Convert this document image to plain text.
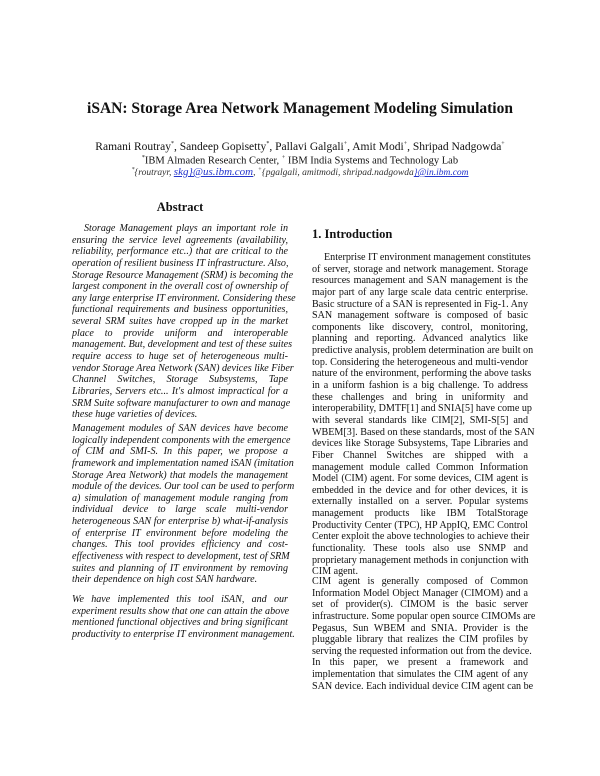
iSAN: Storage Area Network Management Modeling Simulation
Ramani Routray*, Sandeep Gopisetty*, Pallavi Galgali+, Amit Modi+, Shripad Nadgowda+
*IBM Almaden Research Center, + IBM India Systems and Technology Lab
*{routrayr, skg}@us.ibm.com, +{pgalgali, amitmodi, shripad.nadgowda}@in.ibm.com
Abstract
Storage Management plays an important role in
ensuring the service level agreements (availability,
reliability, performance etc..) that are critical to the
operation of resilient business IT infrastructure. Also,
Storage Resource Management (SRM) is becoming the
largest component in the overall cost of ownership of
any large enterprise IT environment. Considering these
functional requirements and business opportunities,
several SRM suites have cropped up in the market
place to provide uniform and interoperable
management. But, development and test of these suites
require access to huge set of heterogeneous multi-
vendor Storage Area Network (SAN) devices like Fiber
Channel Switches, Storage Subsystems, Tape
Libraries, Servers etc... It's almost impractical for a
SRM Suite software manufacturer to own and manage
these huge varieties of devices.
Management modules of SAN devices have become
logically independent components with the emergence
of CIM and SMI-S. In this paper, we propose a
framework and implementation named iSAN (imitation
Storage Area Network) that models the management
module of the devices. Our tool can be used to perform
a) simulation of management module ranging from
individual device to large scale multi-vendor
heterogeneous SAN for enterprise b) what-if-analysis
of enterprise IT environment before modeling the
changes. This tool provides efficiency and cost-
effectiveness with respect to development, test of SRM
suites and planning of IT environment by removing
their dependence on high cost SAN hardware.
We have implemented this tool iSAN, and our
experiment results show that one can attain the above
mentioned functional objectives and bring significant
productivity to enterprise IT environment management.
1. Introduction
Enterprise IT environment management constitutes
of server, storage and network management. Storage
resources management and SAN management is the
major part of any large scale data centric enterprise.
Basic structure of a SAN is represented in Fig-1. Any
SAN management software is composed of basic
components like discovery, control, monitoring,
planning and reporting. Advanced analytics like
predictive analysis, problem determination are built on
top. Considering the heterogeneous and multi-vendor
nature of the environment, performing the above tasks
in a uniform fashion is a big challenge. To address
these challenges and bring in uniformity and
interoperability, DMTF[1] and SNIA[5] have come up
with several standards like CIM[2], SMI-S[5] and
WBEM[3]. Based on these standards, most of the SAN
devices like Storage Subsystems, Tape Libraries and
Fiber Channel Switches are shipped with a
management module called Common Information
Model (CIM) agent. For some devices, CIM agent is
embedded in the device and for other devices, it is
externally installed on a server. Popular systems
management products like IBM TotalStorage
Productivity Center (TPC), HP AppIQ, EMC Control
Center exploit the above technologies to achieve their
functionality. These tools also use SNMP and
proprietary management methods in conjunction with
CIM agent.
CIM agent is generally composed of Common
Information Model Object Manager (CIMOM) and a
set of provider(s). CIMOM is the basic server
infrastructure. Some popular open source CIMOMs are
Pegasus, Sun WBEM and SNIA. Provider is the
pluggable library that realizes the CIM profiles by
serving the requested information out from the device.
In this paper, we present a framework and
implementation that simulates the CIM agent of any
SAN device. Each individual device CIM agent can be
